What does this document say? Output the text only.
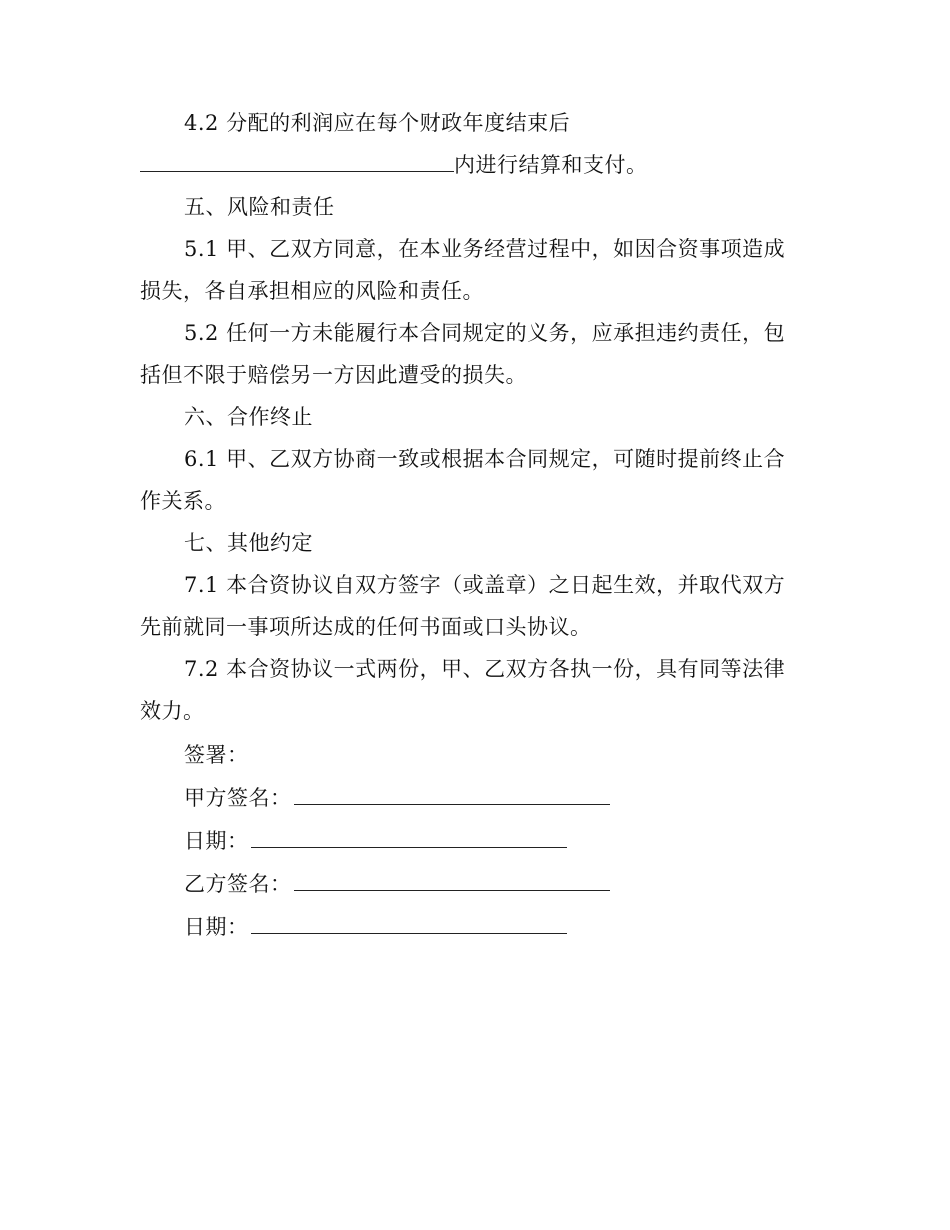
4.2 分配的利润应在每个财政年度结束后
内进行结算和支付。
五、风险和责任
5.1 甲、乙双方同意，在本业务经营过程中，如因合资事项造成
损失，各自承担相应的风险和责任。
5.2 任何一方未能履行本合同规定的义务，应承担违约责任，包
括但不限于赔偿另一方因此遭受的损失。
六、合作终止
6.1 甲、乙双方协商一致或根据本合同规定，可随时提前终止合
作关系。
七、其他约定
7.1 本合资协议自双方签字（或盖章）之日起生效，并取代双方
先前就同一事项所达成的任何书面或口头协议。
7.2 本合资协议一式两份，甲、乙双方各执一份，具有同等法律
效力。
签署：
甲方签名：
日期：
乙方签名：
日期：
